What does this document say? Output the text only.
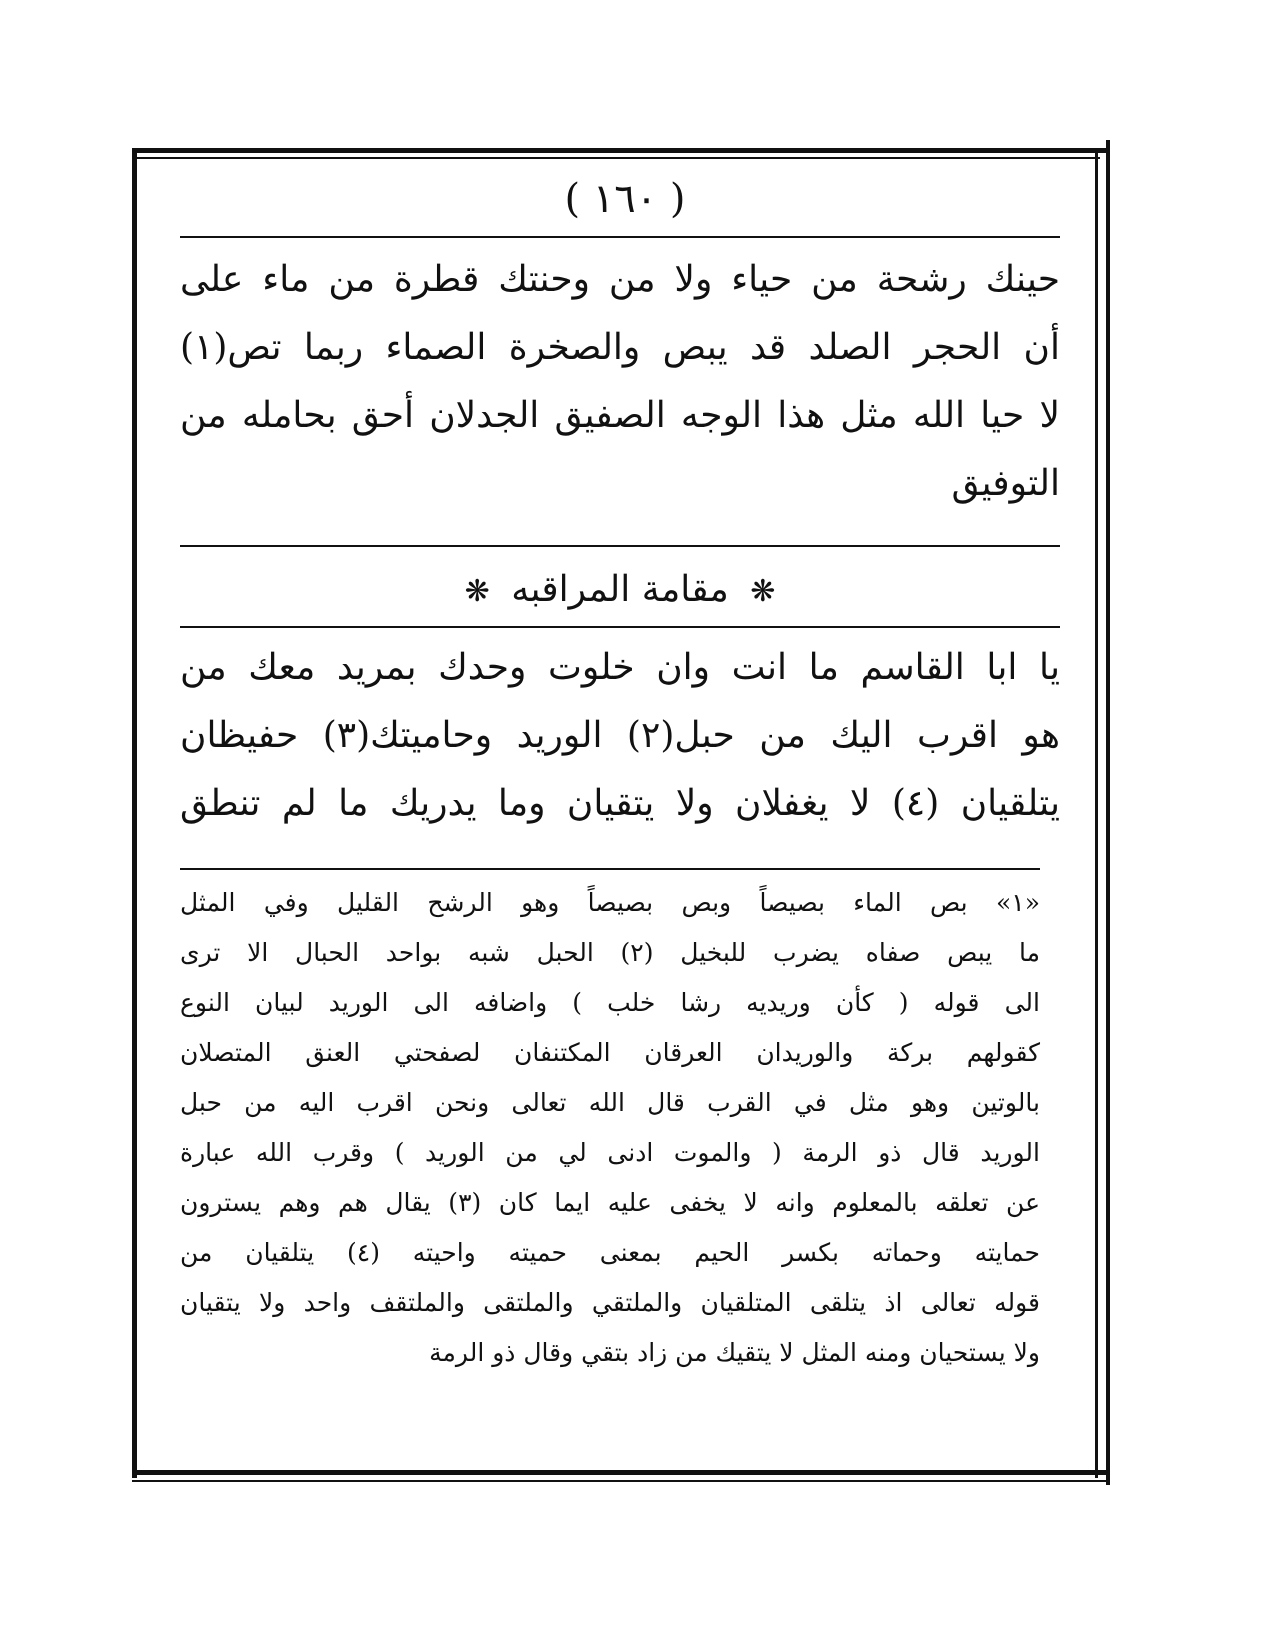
( ١٦٠ )
حينك رشحة من حياء ولا من وحنتك قطرة من ماء على
أن الحجر الصلد قد يبص والصخرة الصماء ربما تص(١)
لا حيا الله مثل هذا الوجه الصفيق الجدلان أحق بحامله من
التوفيق
❋ مقامة المراقبه ❋
يا ابا القاسم ما انت وان خلوت وحدك بمريد معك من
هو اقرب اليك من حبل(٢) الوريد وحاميتك(٣) حفيظان
يتلقيان (٤) لا يغفلان ولا يتقيان وما يدريك ما لم تنطق
«١» بص الماء بصيصاً وبص بصيصاً وهو الرشح القليل وفي المثل
ما يبص صفاه يضرب للبخيل (٢) الحبل شبه بواحد الحبال الا ترى
الى قوله ( كأن وريديه رشا خلب ) واضافه الى الوريد لبيان النوع
كقولهم بركة والوريدان العرقان المكتنفان لصفحتي العنق المتصلان
بالوتين وهو مثل في القرب قال الله تعالى ونحن اقرب اليه من حبل
الوريد قال ذو الرمة ( والموت ادنى لي من الوريد ) وقرب الله عبارة
عن تعلقه بالمعلوم وانه لا يخفى عليه ايما كان (٣) يقال هم وهم يسترون
حمايته وحماته بكسر الحيم بمعنى حميته واحيته (٤) يتلقيان من
قوله تعالى اذ يتلقى المتلقيان والملتقي والملتقى والملتقف واحد ولا يتقيان
ولا يستحيان ومنه المثل لا يتقيك من زاد بتقي وقال ذو الرمة
